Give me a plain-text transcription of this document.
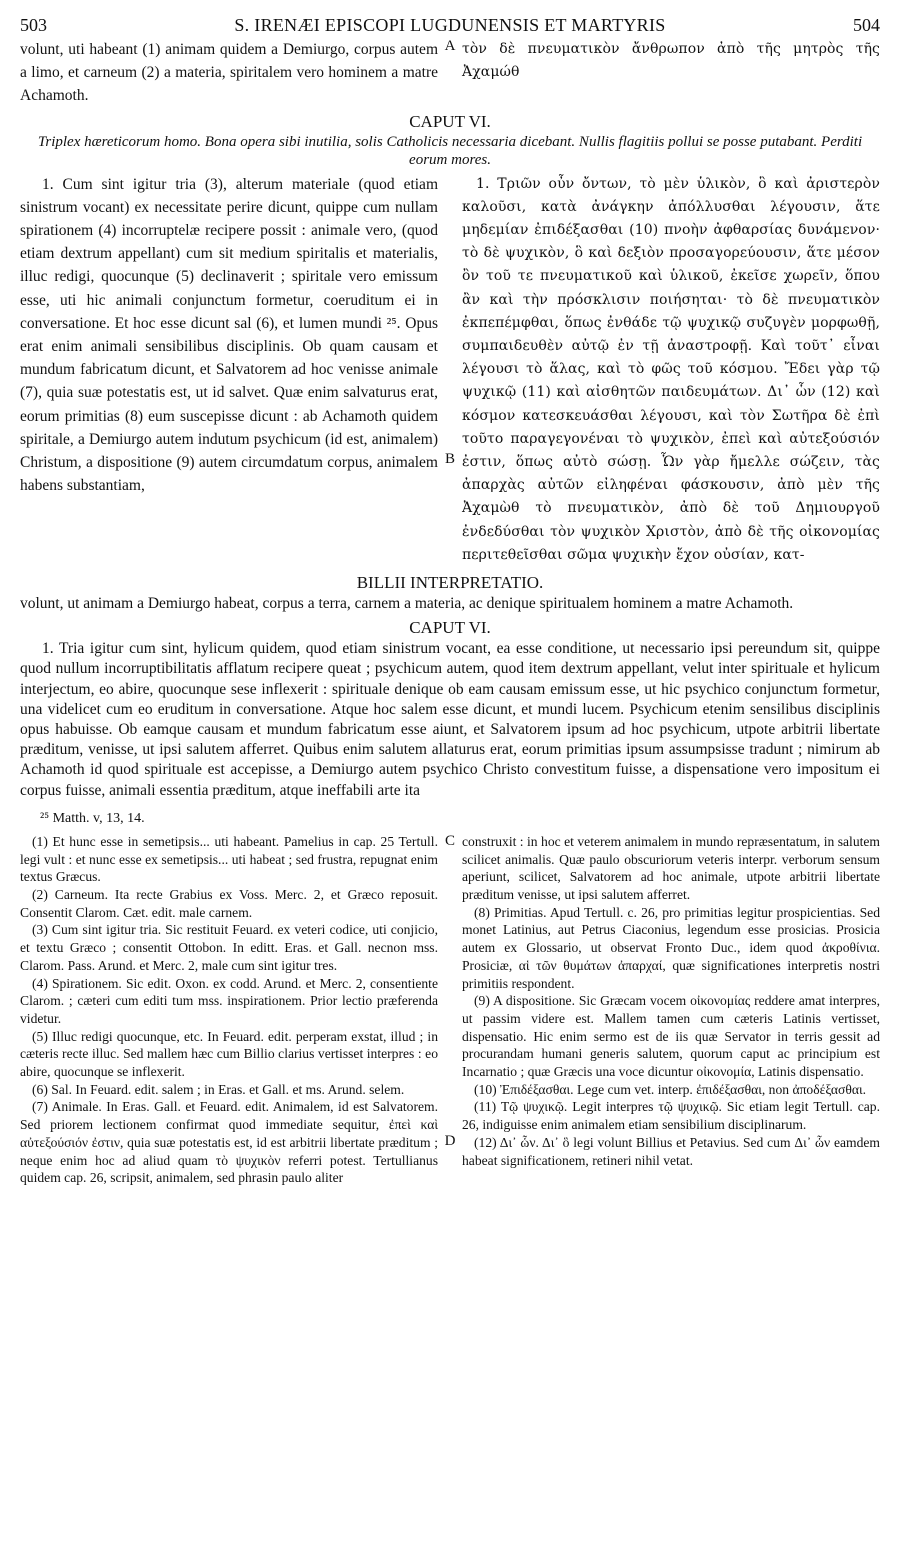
503	S. IRENÆI EPISCOPI LUGDUNENSIS ET MARTYRIS	504

volunt, uti habeant (1) animam quidem a Demiurgo, corpus autem a limo, et carneum (2) a materia, spiritalem vero hominem a matre Achamoth.

A τὸν δὲ πνευματικὸν ἄνθρωπον ἀπὸ τῆς μητρὸς τῆς Ἀχαμώθ

CAPUT VI.
Triplex hæreticorum homo. Bona opera sibi inutilia, solis Catholicis necessaria dicebant. Nullis flagitiis pollui se posse putabant. Perditi eorum mores.

1. Cum sint igitur tria (3), alterum materiale (quod etiam sinistrum vocant) ex necessitate perire dicunt, quippe cum nullam spirationem (4) incorruptelæ recipere possit : animale vero, (quod etiam dextrum appellant) cum sit medium spiritalis et materialis, illuc redigi, quocunque (5) declinaverit ; spiritale vero emissum esse, uti hic animali conjunctum formetur, coeruditum ei in conversatione. Et hoc esse dicunt sal (6), et lumen mundi ²⁵. Opus erat enim animali sensibilibus disciplinis. Ob quam causam et mundum fabricatum dicunt, et Salvatorem ad hoc venisse animale (7), quia suæ potestatis est, ut id salvet. Quæ enim salvaturus erat, eorum primitias (8) eum suscepisse dicunt : ab Achamoth quidem spiritale, a Demiurgo autem indutum psychicum (id est, animalem) Christum, a dispositione (9) autem circumdatum corpus, animalem habens substantiam,

B

1. Τριῶν οὖν ὄντων, τὸ μὲν ὑλικὸν, ὃ καὶ ἀριστερὸν καλοῦσι, κατὰ ἀνάγκην ἀπόλλυσθαι λέγουσιν, ἅτε μηδεμίαν ἐπιδέξασθαι (10) πνοὴν ἀφθαρσίας δυνάμενον· τὸ δὲ ψυχικὸν, ὃ καὶ δεξιὸν προσαγορεύουσιν, ἅτε μέσον ὂν τοῦ τε πνευματικοῦ καὶ ὑλικοῦ, ἐκεῖσε χωρεῖν, ὅπου ἂν καὶ τὴν πρόσκλισιν ποιήσηται· τὸ δὲ πνευματικὸν ἐκπεπέμφθαι, ὅπως ἐνθάδε τῷ ψυχικῷ συζυγὲν μορφωθῇ, συμπαιδευθὲν αὐτῷ ἐν τῇ ἀναστροφῇ. Καὶ τοῦτ᾽ εἶναι λέγουσι τὸ ἅλας, καὶ τὸ φῶς τοῦ κόσμου. Ἔδει γὰρ τῷ ψυχικῷ (11) καὶ αἰσθητῶν παιδευμάτων. Δι᾽ ὧν (12) καὶ κόσμον κατεσκευάσθαι λέγουσι, καὶ τὸν Σωτῆρα δὲ ἐπὶ τοῦτο παραγεγονέναι τὸ ψυχικὸν, ἐπεὶ καὶ αὐτεξούσιόν ἐστιν, ὅπως αὐτὸ σώσῃ. Ὧν γὰρ ἤμελλε σώζειν, τὰς ἀπαρχὰς αὐτῶν εἰληφέναι φάσκουσιν, ἀπὸ μὲν τῆς Ἀχαμὼθ τὸ πνευματικὸν, ἀπὸ δὲ τοῦ Δημιουργοῦ ἐνδεδύσθαι τὸν ψυχικὸν Χριστὸν, ἀπὸ δὲ τῆς οἰκονομίας περιτεθεῖσθαι σῶμα ψυχικὴν ἔχον οὐσίαν, κατ-

BILLII INTERPRETATIO.

volunt, ut animam a Demiurgo habeat, corpus a terra, carnem a materia, ac denique spiritualem hominem a matre Achamoth.

CAPUT VI.

1. Tria igitur cum sint, hylicum quidem, quod etiam sinistrum vocant, ea esse conditione, ut necessario ipsi pereundum sit, quippe quod nullum incorruptibilitatis afflatum recipere queat ; psychicum autem, quod item dextrum appellant, velut inter spirituale et hylicum interjectum, eo abire, quocunque sese inflexerit : spirituale denique ob eam causam emissum esse, ut hic psychico conjunctum formetur, una videlicet cum eo eruditum in conversatione. Atque hoc salem esse dicunt, et mundi lucem. Psychicum etenim sensilibus disciplinis opus habuisse. Ob eamque causam et mundum fabricatum esse aiunt, et Salvatorem ipsum ad hoc psychicum, utpote arbitrii libertate præditum, venisse, ut ipsi salutem afferret. Quibus enim salutem allaturus erat, eorum primitias ipsum assumpsisse tradunt ; nimirum ab Achamoth id quod spirituale est accepisse, a Demiurgo autem psychico Christo convestitum fuisse, a dispensatione vero impositum ei corpus fuisse, animali essentia præditum, atque ineffabili arte ita

²⁵ Matth. v, 13, 14.

(1) Et hunc esse in semetipsis... uti habeant. Pamelius in cap. 25 Tertull. legi vult : et nunc esse ex semetipsis... uti habeat ; sed frustra, repugnat enim textus Græcus.

(2) Carneum. Ita recte Grabius ex Voss. Merc. 2, et Græco reposuit. Consentit Clarom. Cæt. edit. male carnem.

(3) Cum sint igitur tria. Sic restituit Feuard. ex veteri codice, uti conjicio, et textu Græco ; consentit Ottobon. In editt. Eras. et Gall. necnon mss. Clarom. Pass. Arund. et Merc. 2, male cum sint igitur tres.

(4) Spirationem. Sic edit. Oxon. ex codd. Arund. et Merc. 2, consentiente Clarom. ; cæteri cum editi tum mss. inspirationem. Prior lectio præferenda videtur.

(5) Illuc redigi quocunque, etc. In Feuard. edit. perperam exstat, illud ; in cæteris recte illuc. Sed mallem hæc cum Billio clarius vertisset interpres : eo abire, quocunque se inflexerit.

(6) Sal. In Feuard. edit. salem ; in Eras. et Gall. et ms. Arund. selem.

(7) Animale. In Eras. Gall. et Feuard. edit. Animalem, id est Salvatorem. Sed priorem lectionem confirmat quod immediate sequitur, ἐπεὶ καὶ αὐτεξούσιόν ἐστιν, quia suæ potestatis est, id est arbitrii libertate præditum ; neque enim hoc ad aliud quam τὸ ψυχικὸν referri potest. Tertullianus quidem cap. 26, scripsit, animalem, sed phrasin paulo aliter

C
D

construxit : in hoc et veterem animalem in mundo repræsentatum, in salutem scilicet animalis. Quæ paulo obscuriorum veteris interpr. verborum sensum aperiunt, scilicet, Salvatorem ad hoc animale, utpote arbitrii libertate præditum venisse, ut ipsi salutem afferret.

(8) Primitias. Apud Tertull. c. 26, pro primitias legitur prospicientias. Sed monet Latinius, aut Petrus Ciaconius, legendum esse prosicias. Prosicia autem ex Glossario, ut observat Fronto Duc., idem quod ἀκροθίνια. Prosiciæ, αἱ τῶν θυμάτων ἀπαρχαί, quæ significationes interpretis nostri primitiis respondent.

(9) A dispositione. Sic Græcam vocem οἰκονομίας reddere amat interpres, ut passim videre est. Mallem tamen cum cæteris Latinis vertisset, dispensatio. Hic enim sermo est de iis quæ Servator in terris gessit ad procurandam humani generis salutem, quorum caput ac principium est Incarnatio ; quæ Græcis una voce dicuntur οἰκονομία, Latinis dispensatio.

(10) Ἐπιδέξασθαι. Lege cum vet. interp. ἐπιδέξασθαι, non ἀποδέξασθαι.

(11) Τῷ ψυχικῷ. Legit interpres τῷ ψυχικῷ. Sic etiam legit Tertull. cap. 26, indiguisse enim animalem etiam sensibilium disciplinarum.

(12) Δι᾽ ὧν. Δι᾽ ὃ legi volunt Billius et Petavius. Sed cum Δι᾽ ὧν eamdem habeat significationem, retineri nihil vetat.
